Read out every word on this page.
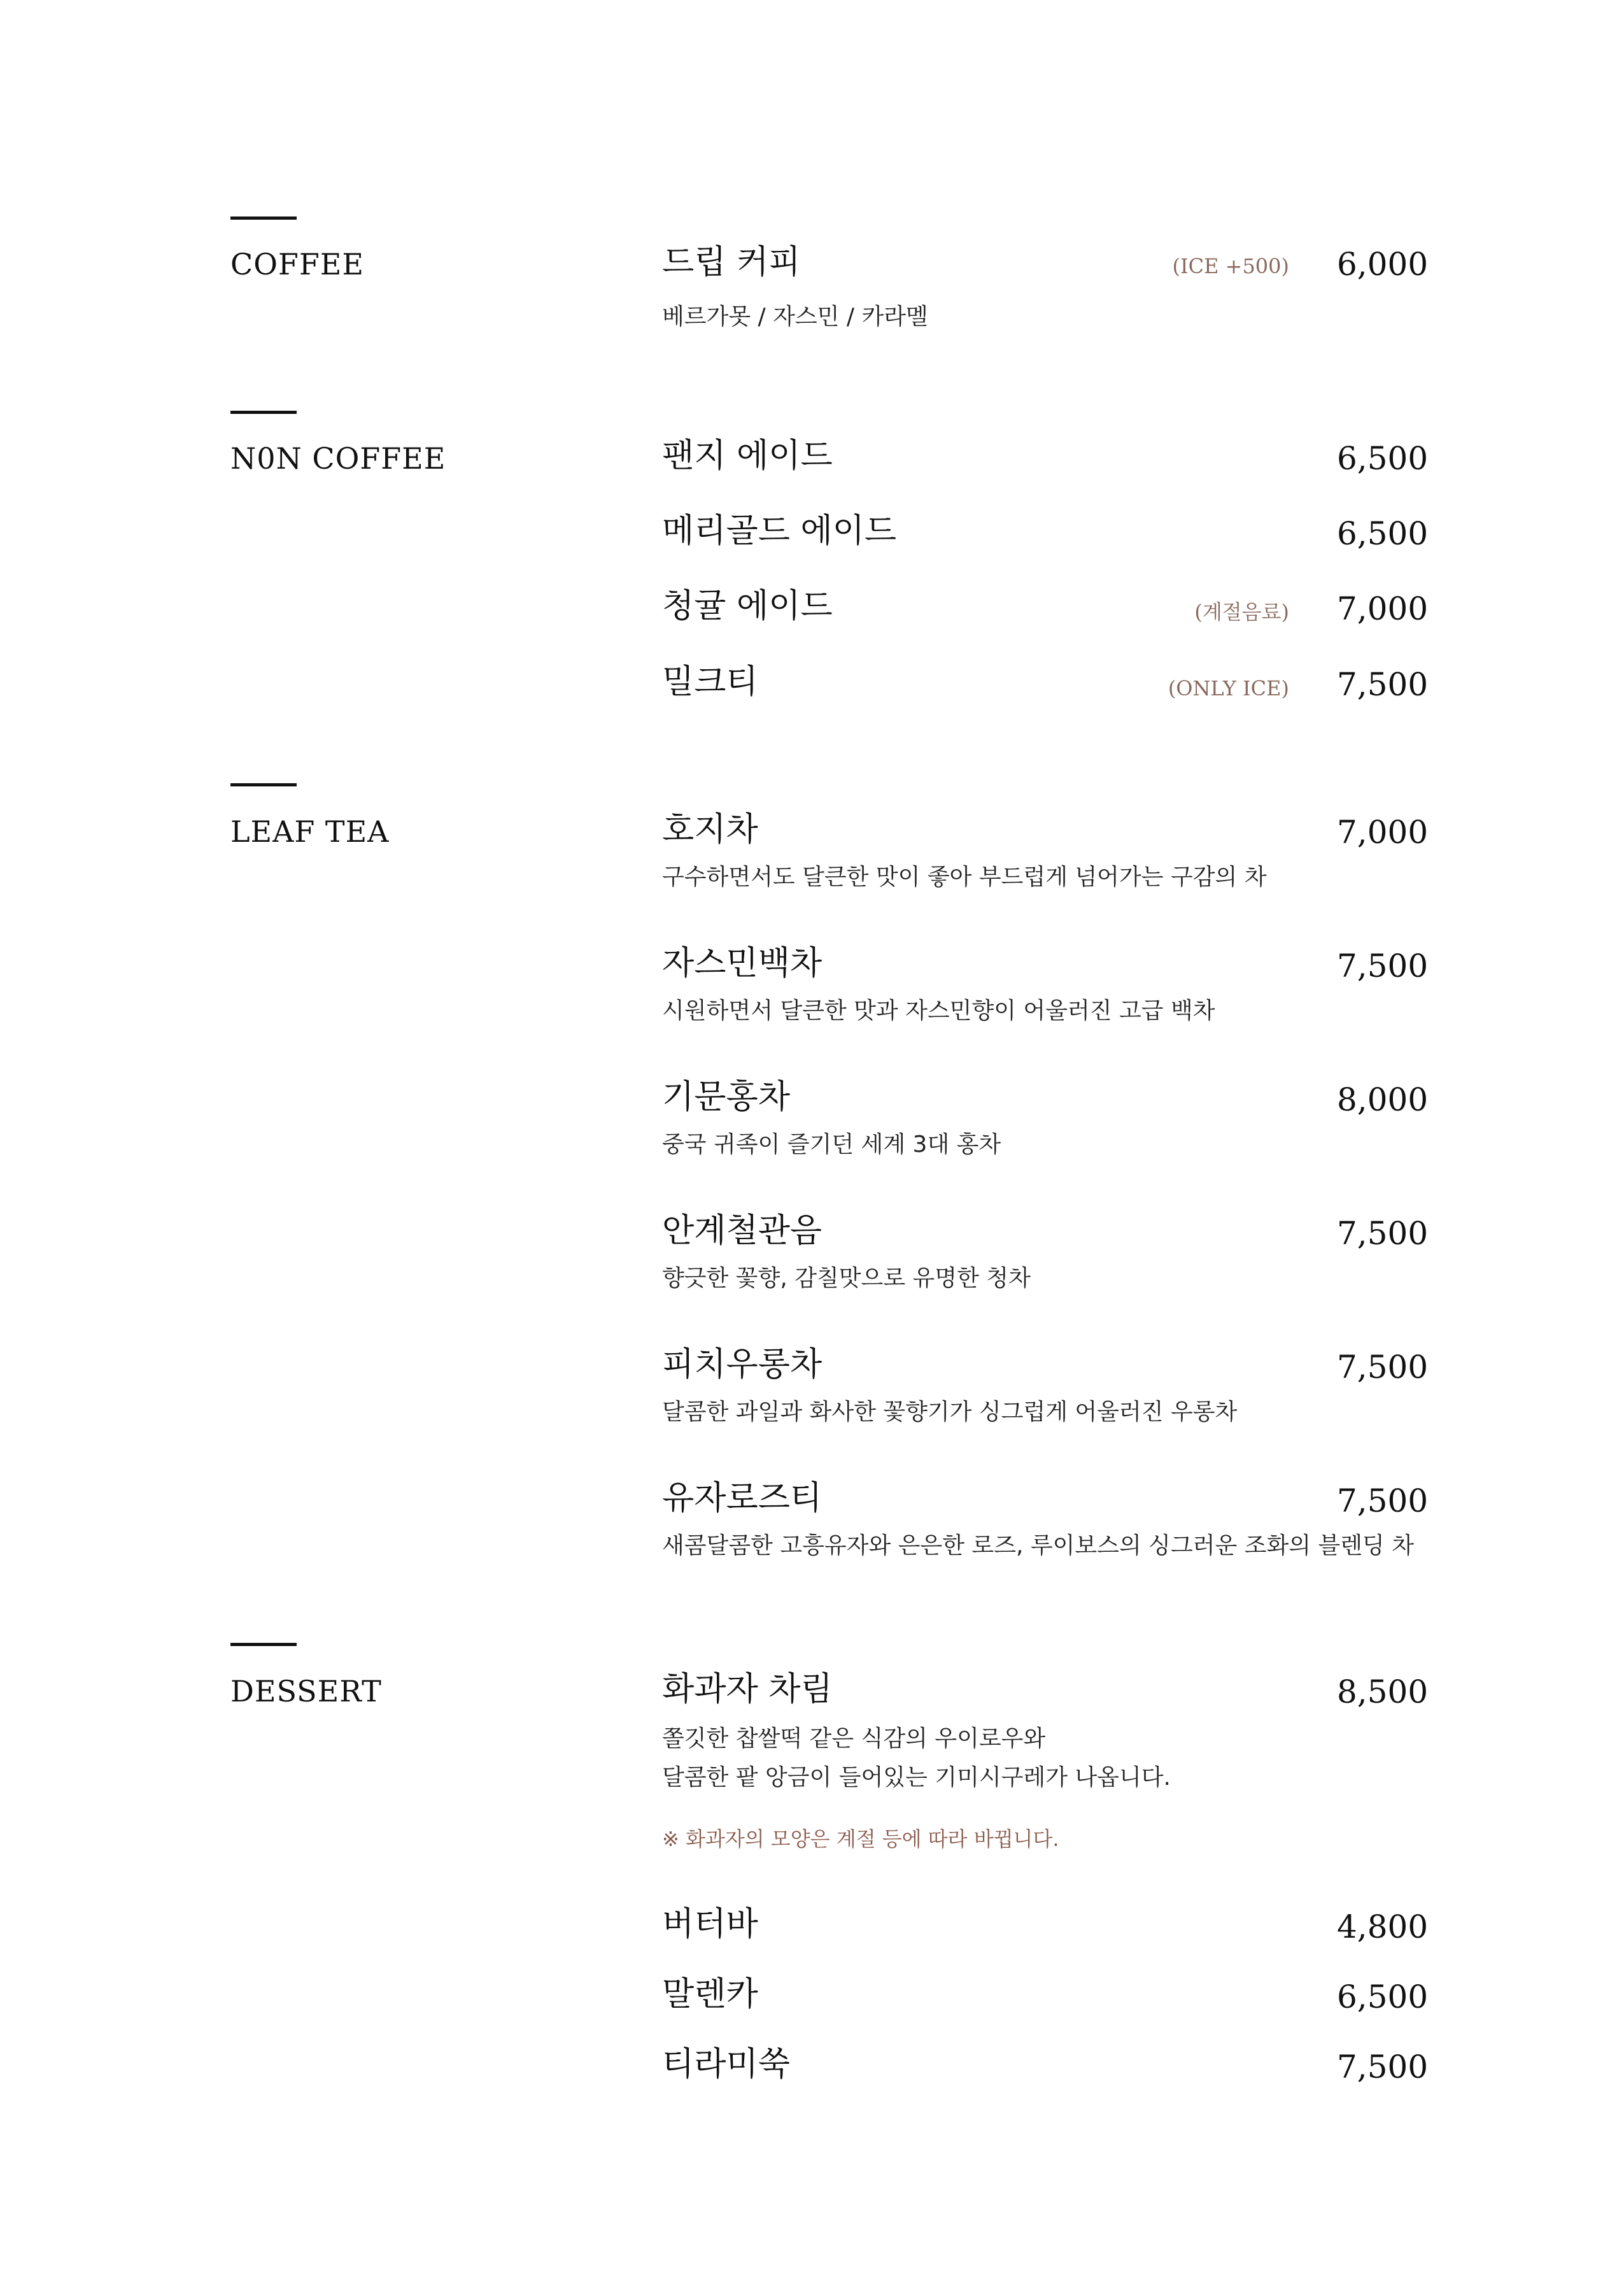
COFFEE	드립 커피	(ICE +500) 6,000
베르가못 / 자스민 / 카라멜
N0N COFFEE	팬지 에이드	6,500
메리골드 에이드	6,500
청귤 에이드	(계절음료) 7,000
밀크티	(ONLY ICE) 7,500
LEAF TEA	호지차	7,000
구수하면서도 달큰한 맛이 좋아 부드럽게 넘어가는 구감의 차
자스민백차	7,500
시원하면서 달큰한 맛과 자스민향이 어울러진 고급 백차
기문홍차	8,000
중국 귀족이 즐기던 세계 3대 홍차
안계철관음	7,500
향긋한 꽃향, 감칠맛으로 유명한 청차
피치우롱차	7,500
달콤한 과일과 화사한 꽃향기가 싱그럽게 어울러진 우롱차
유자로즈티	7,500
새콤달콤한 고흥유자와 은은한 로즈, 루이보스의 싱그러운 조화의 블렌딩 차
DESSERT	화과자 차림	8,500
쫄깃한 찹쌀떡 같은 식감의 우이로우와
달콤한 팥 앙금이 들어있는 기미시구레가 나옵니다.
※ 화과자의 모양은 계절 등에 따라 바뀝니다.
버터바	4,800
말렌카	6,500
티라미쑥	7,500
